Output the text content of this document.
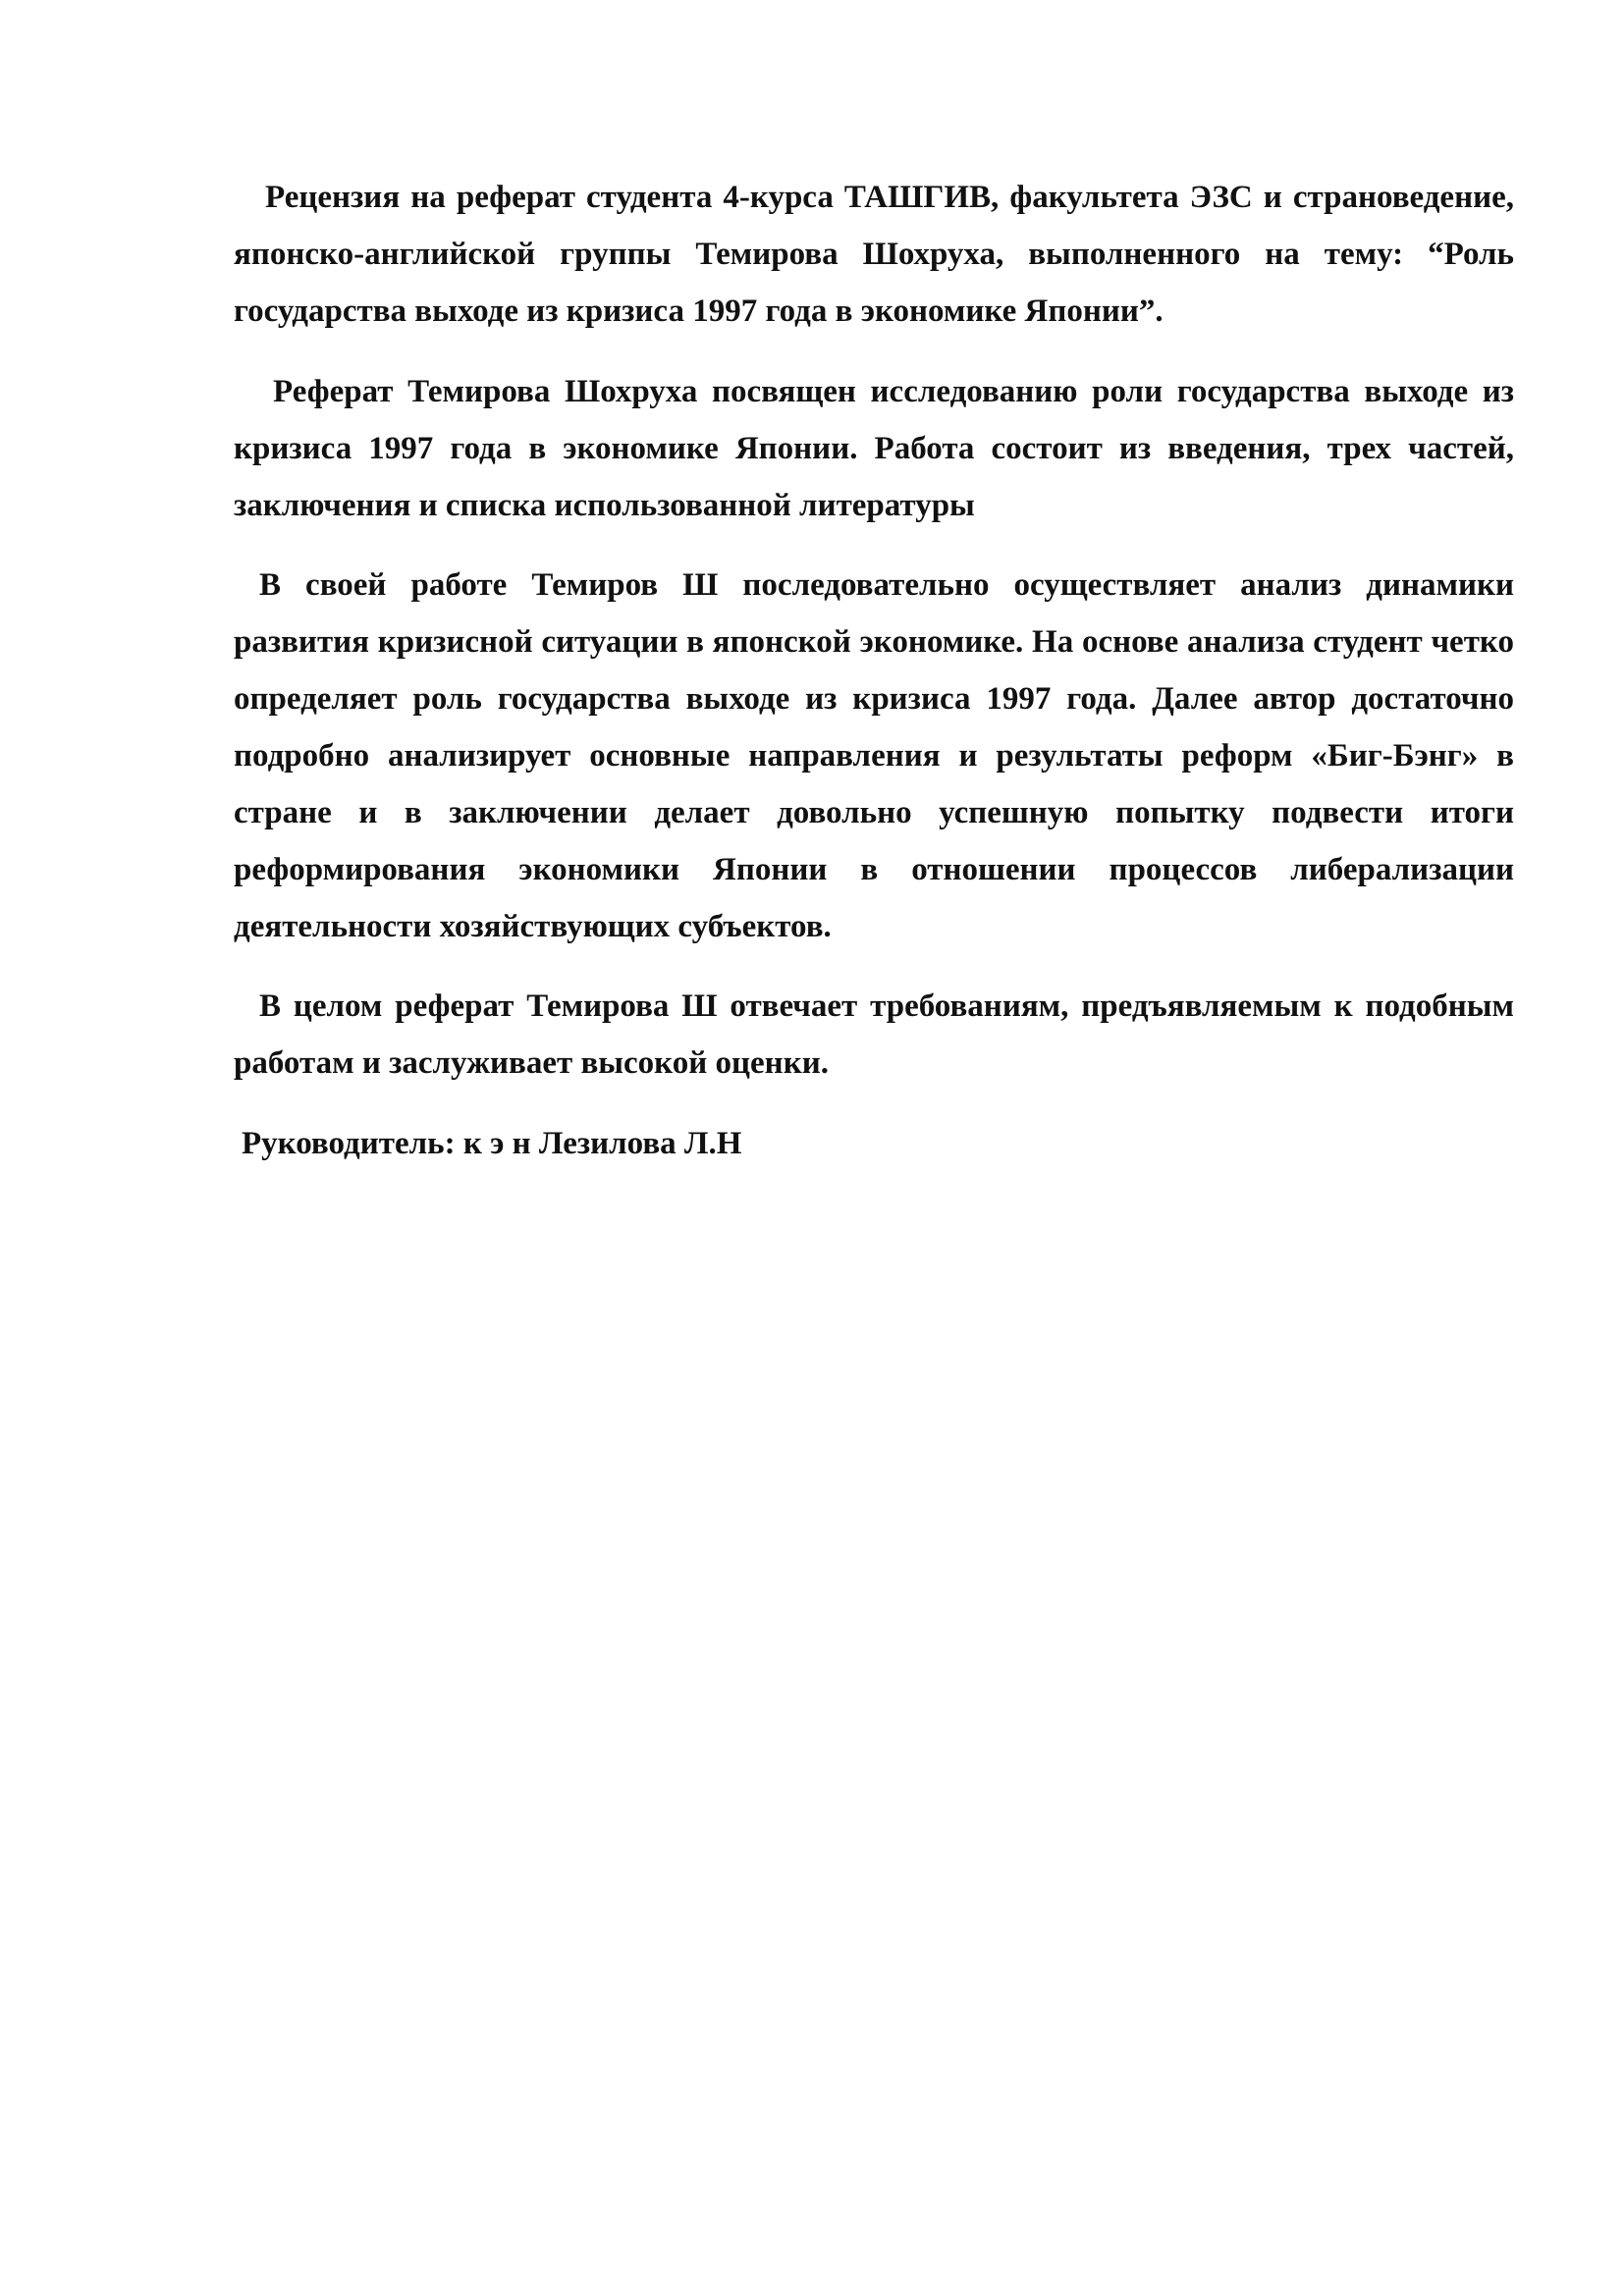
Рецензия на реферат студента 4-курса ТАШГИВ, факультета ЭЗС и страноведение, японско-английской группы Темирова Шохруха, выполненного на тему: “Роль государства выходе из кризиса 1997 года в экономике Японии”.

Реферат Темирова Шохруха посвящен исследованию роли государства выходе из кризиса 1997 года в экономике Японии. Работа состоит из введения, трех частей, заключения и списка использованной литературы

В своей работе Темиров Ш последовательно осуществляет анализ динамики развития кризисной ситуации в японской экономике. На основе анализа студент четко определяет роль государства выходе из кризиса 1997 года. Далее автор достаточно подробно анализирует основные направления и результаты реформ «Биг-Бэнг» в стране и в заключении делает довольно успешную попытку подвести итоги реформирования экономики Японии в отношении процессов либерализации деятельности хозяйствующих субъектов.

В целом реферат Темирова Ш отвечает требованиям, предъявляемым к подобным работам и заслуживает высокой оценки.

Руководитель: к э н Лезилова Л.Н
